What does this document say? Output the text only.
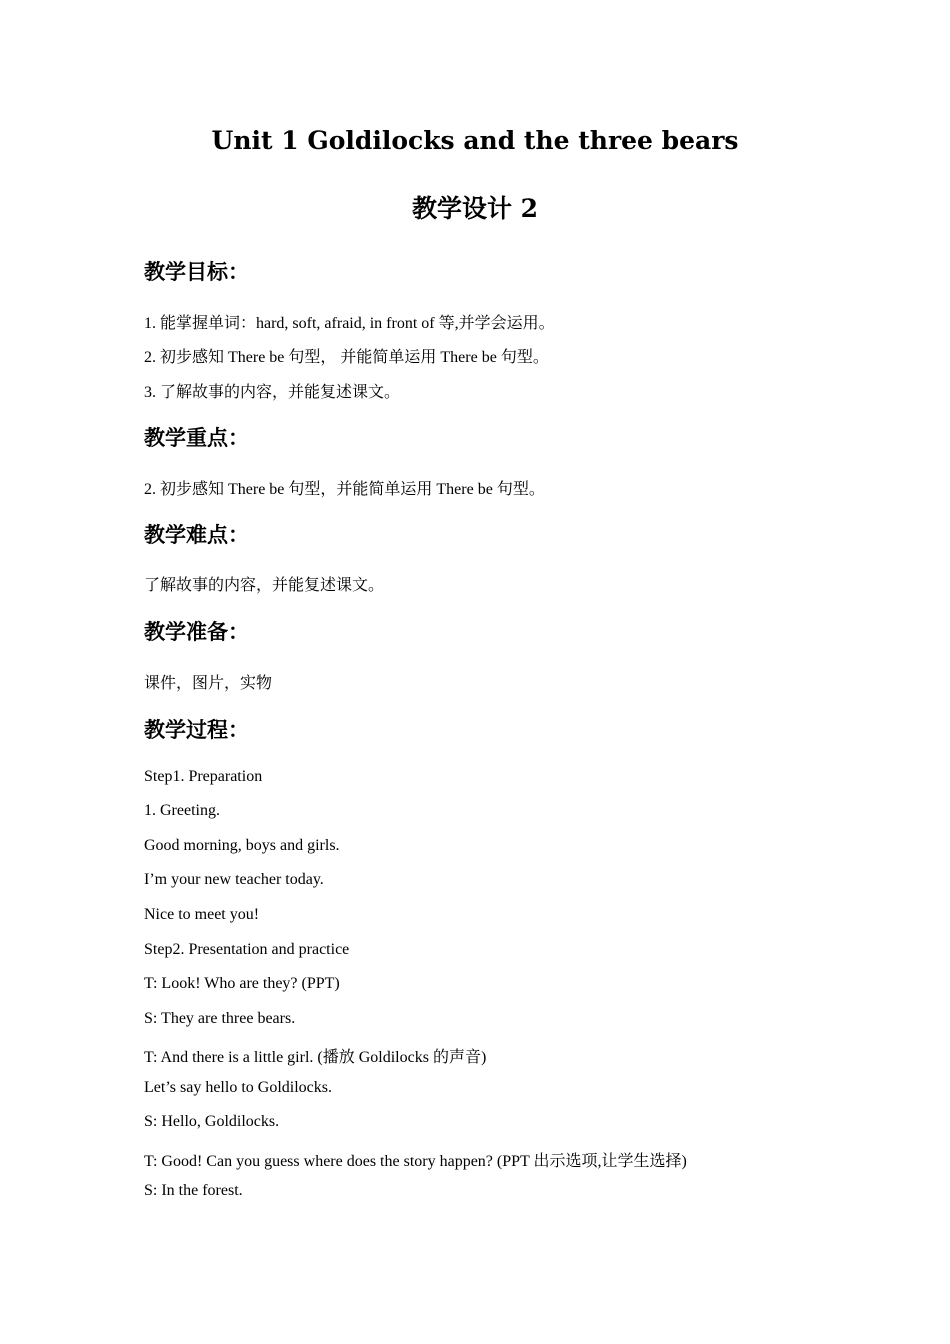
Unit 1 Goldilocks and the three bears
教学设计 2
教学目标：
1. 能掌握单词：hard, soft, afraid, in front of 等,并学会运用。
2. 初步感知 There be 句型， 并能简单运用 There be 句型。
3. 了解故事的内容，并能复述课文。
教学重点：
2. 初步感知 There be 句型，并能简单运用 There be 句型。
教学难点：
了解故事的内容，并能复述课文。
教学准备：
课件，图片，实物
教学过程：
Step1. Preparation
1. Greeting.
Good morning, boys and girls.
I’m your new teacher today.
Nice to meet you!
Step2. Presentation and practice
T: Look! Who are they? (PPT)
S: They are three bears.
T: And there is a little girl. (播放 Goldilocks 的声音)
Let’s say hello to Goldilocks.
S: Hello, Goldilocks.
T: Good! Can you guess where does the story happen? (PPT 出示选项,让学生选择)
S: In the forest.
